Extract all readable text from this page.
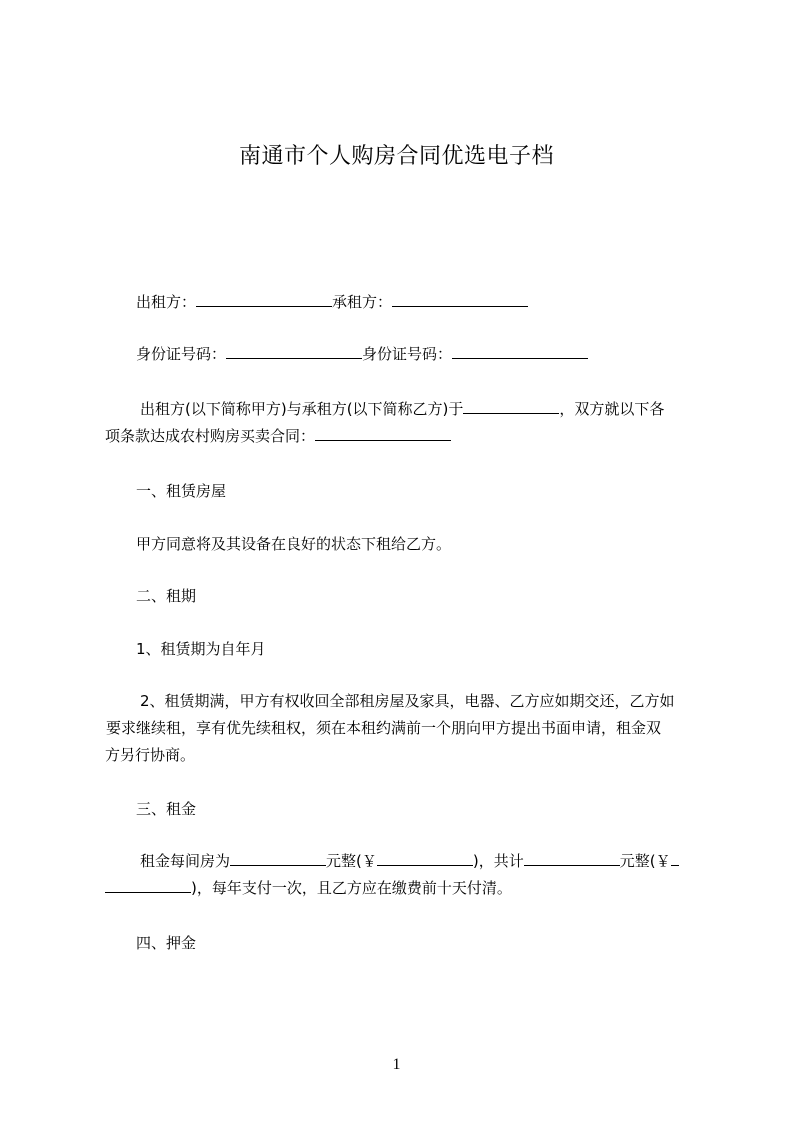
南通市个人购房合同优选电子档
出租方：	承租方：
身份证号码：	身份证号码：
出租方(以下简称甲方)与承租方(以下简称乙方)于	，双方就以下各
项条款达成农村购房买卖合同：
一、租赁房屋
甲方同意将及其设备在良好的状态下租给乙方。
二、租期
1、租赁期为自年月
2、租赁期满，甲方有权收回全部租房屋及家具，电器、乙方应如期交还，乙方如
要求继续租，享有优先续租权，须在本租约满前一个朋向甲方提出书面申请，租金双
方另行协商。
三、租金
租金每间房为	元整(￥	)，共计	元整(￥
)，每年支付一次，且乙方应在缴费前十天付清。
四、押金
1
